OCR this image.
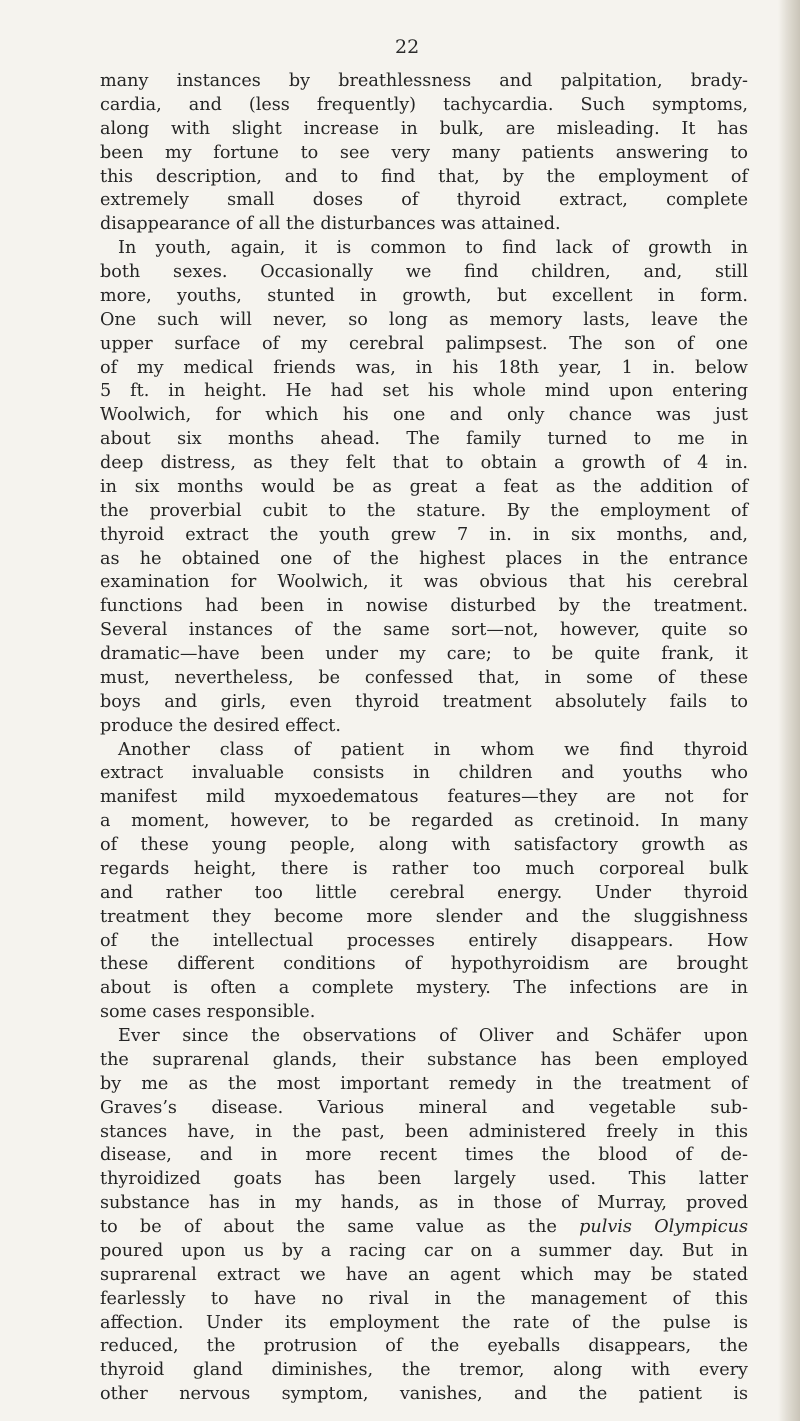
22
many instances by breathlessness and palpitation, brady-
cardia, and (less frequently) tachycardia. Such symptoms,
along with slight increase in bulk, are misleading. It has
been my fortune to see very many patients answering to
this description, and to find that, by the employment of
extremely small doses of thyroid extract, complete
disappearance of all the disturbances was attained.
In youth, again, it is common to find lack of growth in
both sexes. Occasionally we find children, and, still
more, youths, stunted in growth, but excellent in form.
One such will never, so long as memory lasts, leave the
upper surface of my cerebral palimpsest. The son of one
of my medical friends was, in his 18th year, 1 in. below
5 ft. in height. He had set his whole mind upon entering
Woolwich, for which his one and only chance was just
about six months ahead. The family turned to me in
deep distress, as they felt that to obtain a growth of 4 in.
in six months would be as great a feat as the addition of
the proverbial cubit to the stature. By the employment of
thyroid extract the youth grew 7 in. in six months, and,
as he obtained one of the highest places in the entrance
examination for Woolwich, it was obvious that his cerebral
functions had been in nowise disturbed by the treatment.
Several instances of the same sort—not, however, quite so
dramatic—have been under my care; to be quite frank, it
must, nevertheless, be confessed that, in some of these
boys and girls, even thyroid treatment absolutely fails to
produce the desired effect.
Another class of patient in whom we find thyroid
extract invaluable consists in children and youths who
manifest mild myxoedematous features—they are not for
a moment, however, to be regarded as cretinoid. In many
of these young people, along with satisfactory growth as
regards height, there is rather too much corporeal bulk
and rather too little cerebral energy. Under thyroid
treatment they become more slender and the sluggishness
of the intellectual processes entirely disappears. How
these different conditions of hypothyroidism are brought
about is often a complete mystery. The infections are in
some cases responsible.
Ever since the observations of Oliver and Schäfer upon
the suprarenal glands, their substance has been employed
by me as the most important remedy in the treatment of
Graves’s disease. Various mineral and vegetable sub-
stances have, in the past, been administered freely in this
disease, and in more recent times the blood of de-
thyroidized goats has been largely used. This latter
substance has in my hands, as in those of Murray, proved
to be of about the same value as the pulvis Olympicus
poured upon us by a racing car on a summer day. But in
suprarenal extract we have an agent which may be stated
fearlessly to have no rival in the management of this
affection. Under its employment the rate of the pulse is
reduced, the protrusion of the eyeballs disappears, the
thyroid gland diminishes, the tremor, along with every
other nervous symptom, vanishes, and the patient is
